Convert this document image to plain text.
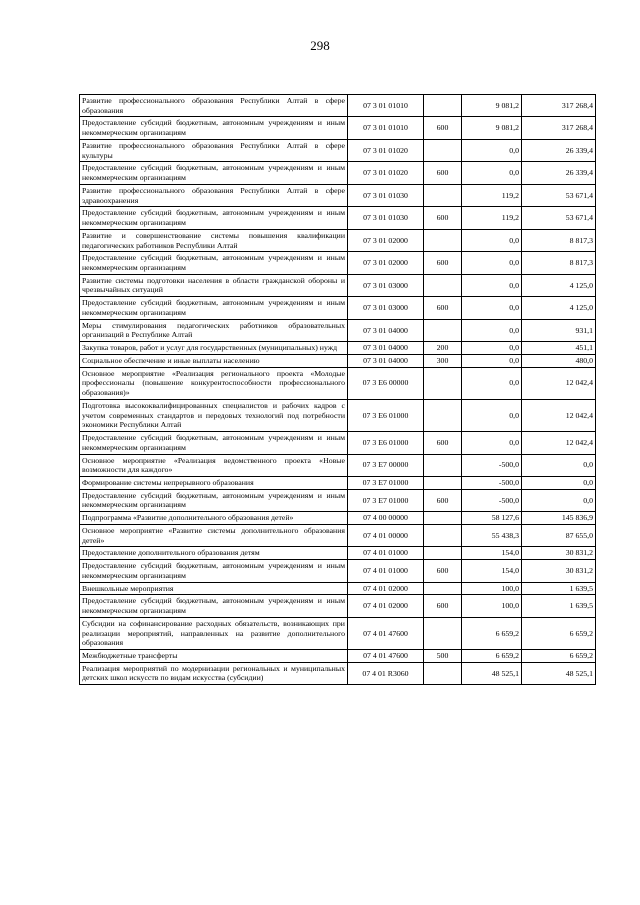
298
Развитие профессионального образования Республики Алтай в сфере образования	07 3 01 01010		9 081,2	317 268,4
Предоставление субсидий бюджетным, автономным учреждениям и иным некоммерческим организациям	07 3 01 01010	600	9 081,2	317 268,4
Развитие профессионального образования Республики Алтай в сфере культуры	07 3 01 01020		0,0	26 339,4
Предоставление субсидий бюджетным, автономным учреждениям и иным некоммерческим организациям	07 3 01 01020	600	0,0	26 339,4
Развитие профессионального образования Республики Алтай в сфере здравоохранения	07 3 01 01030		119,2	53 671,4
Предоставление субсидий бюджетным, автономным учреждениям и иным некоммерческим организациям	07 3 01 01030	600	119,2	53 671,4
Развитие и совершенствование системы повышения квалификации педагогических работников Республики Алтай	07 3 01 02000		0,0	8 817,3
Предоставление субсидий бюджетным, автономным учреждениям и иным некоммерческим организациям	07 3 01 02000	600	0,0	8 817,3
Развитие системы подготовки населения в области гражданской обороны и чрезвычайных ситуаций	07 3 01 03000		0,0	4 125,0
Предоставление субсидий бюджетным, автономным учреждениям и иным некоммерческим организациям	07 3 01 03000	600	0,0	4 125,0
Меры стимулирования педагогических работников образовательных организаций в Республике Алтай	07 3 01 04000		0,0	931,1
Закупка товаров, работ и услуг для государственных (муниципальных) нужд	07 3 01 04000	200	0,0	451,1
Социальное обеспечение и иные выплаты населению	07 3 01 04000	300	0,0	480,0
Основное мероприятие «Реализация регионального проекта «Молодые профессионалы (повышение конкурентоспособности профессионального образования)»	07 3 E6 00000		0,0	12 042,4
Подготовка высококвалифицированных специалистов и рабочих кадров с учетом современных стандартов и передовых технологий под потребности экономики Республики Алтай	07 3 E6 01000		0,0	12 042,4
Предоставление субсидий бюджетным, автономным учреждениям и иным некоммерческим организациям	07 3 E6 01000	600	0,0	12 042,4
Основное мероприятие «Реализация ведомственного проекта «Новые возможности для каждого»	07 3 E7 00000		-500,0	0,0
Формирование системы непрерывного образования	07 3 E7 01000		-500,0	0,0
Предоставление субсидий бюджетным, автономным учреждениям и иным некоммерческим организациям	07 3 E7 01000	600	-500,0	0,0
Подпрограмма «Развитие дополнительного образования детей»	07 4 00 00000		58 127,6	145 836,9
Основное мероприятие «Развитие системы дополнительного образования детей»	07 4 01 00000		55 438,3	87 655,0
Предоставление дополнительного образования детям	07 4 01 01000		154,0	30 831,2
Предоставление субсидий бюджетным, автономным учреждениям и иным некоммерческим организациям	07 4 01 01000	600	154,0	30 831,2
Внешкольные мероприятия	07 4 01 02000		100,0	1 639,5
Предоставление субсидий бюджетным, автономным учреждениям и иным некоммерческим организациям	07 4 01 02000	600	100,0	1 639,5
Субсидии на софинансирование расходных обязательств, возникающих при реализации мероприятий, направленных на развитие дополнительного образования	07 4 01 47600		6 659,2	6 659,2
Межбюджетные трансферты	07 4 01 47600	500	6 659,2	6 659,2
Реализация мероприятий по модернизации региональных и муниципальных детских школ искусств по видам искусства (субсидии)	07 4 01 R3060		48 525,1	48 525,1
